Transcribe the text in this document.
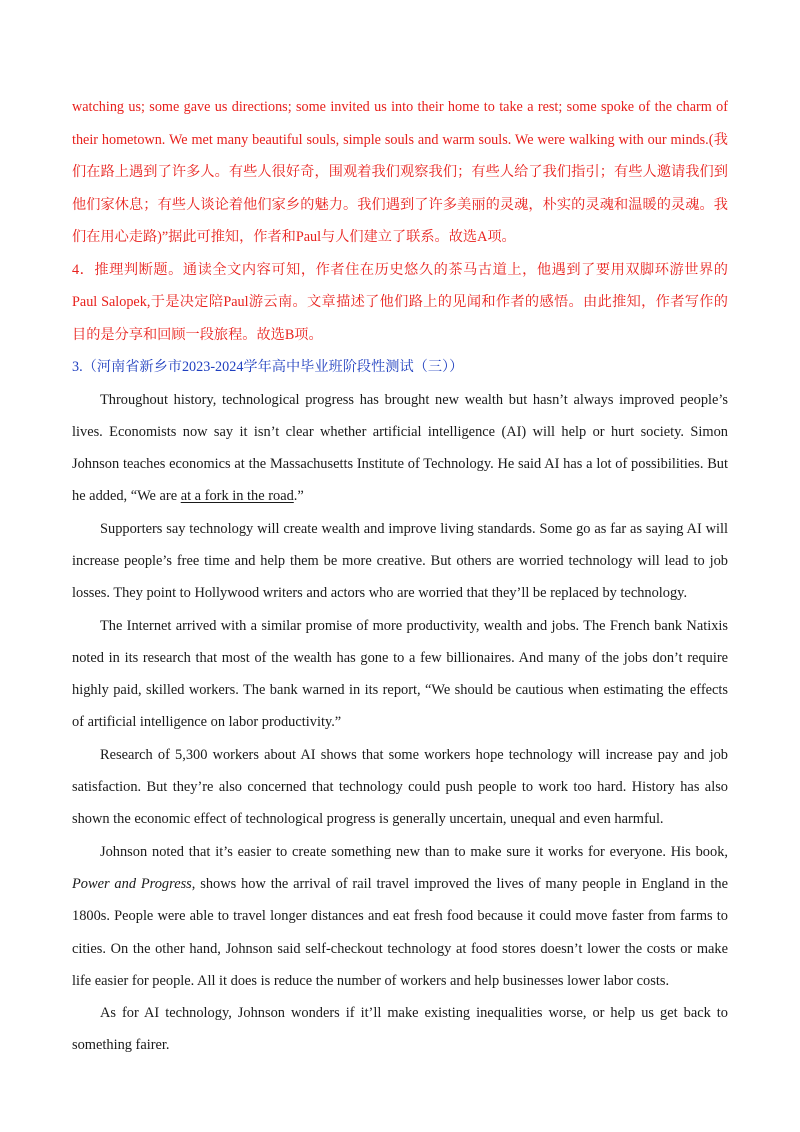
watching us; some gave us directions; some invited us into their home to take a rest; some spoke of the charm of their hometown. We met many beautiful souls, simple souls and warm souls. We were walking with our minds.(我们在路上遇到了许多人。有些人很好奇，围观着我们观察我们；有些人给了我们指引；有些人邀请我们到他们家休息；有些人谈论着他们家乡的魅力。我们遇到了许多美丽的灵魂，朴实的灵魂和温暖的灵魂。我们在用心走路)”据此可推知，作者和Paul与人们建立了联系。故选A项。

4．推理判断题。通读全文内容可知，作者住在历史悠久的茶马古道上，他遇到了要用双脚环游世界的Paul Salopek,于是决定陪Paul游云南。文章描述了他们路上的见闻和作者的感悟。由此推知，作者写作的目的是分享和回顾一段旅程。故选B项。

3.（河南省新乡市2023-2024学年高中毕业班阶段性测试（三））

Throughout history, technological progress has brought new wealth but hasn’t always improved people’s lives. Economists now say it isn’t clear whether artificial intelligence (AI) will help or hurt society. Simon Johnson teaches economics at the Massachusetts Institute of Technology. He said AI has a lot of possibilities. But he added, “We are at a fork in the road.”

Supporters say technology will create wealth and improve living standards. Some go as far as saying AI will increase people’s free time and help them be more creative. But others are worried technology will lead to job losses. They point to Hollywood writers and actors who are worried that they’ll be replaced by technology.

The Internet arrived with a similar promise of more productivity, wealth and jobs. The French bank Natixis noted in its research that most of the wealth has gone to a few billionaires. And many of the jobs don’t require highly paid, skilled workers. The bank warned in its report, “We should be cautious when estimating the effects of artificial intelligence on labor productivity.”

Research of 5,300 workers about AI shows that some workers hope technology will increase pay and job satisfaction. But they’re also concerned that technology could push people to work too hard. History has also shown the economic effect of technological progress is generally uncertain, unequal and even harmful.

Johnson noted that it’s easier to create something new than to make sure it works for everyone. His book, Power and Progress, shows how the arrival of rail travel improved the lives of many people in England in the 1800s. People were able to travel longer distances and eat fresh food because it could move faster from farms to cities. On the other hand, Johnson said self-checkout technology at food stores doesn’t lower the costs or make life easier for people. All it does is reduce the number of workers and help businesses lower labor costs.

As for AI technology, Johnson wonders if it’ll make existing inequalities worse, or help us get back to something fairer.
